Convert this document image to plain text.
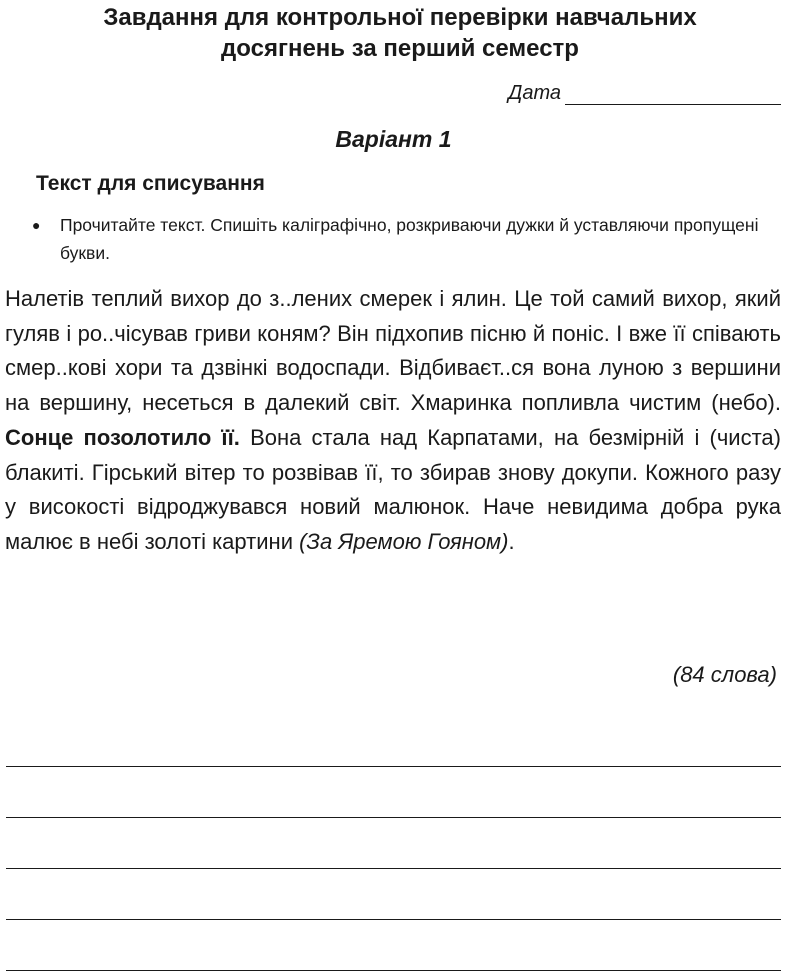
Завдання для контрольної перевірки навчальних
досягнень за перший семестр
Дата
Варіант 1
Текст для списування
●	Прочитайте текст. Спишіть каліграфічно, розкриваючи дужки й уставляючи пропущені букви.

Налетів теплий вихор до з..лених смерек і ялин. Це той самий вихор, який гуляв і ро..чісував гриви коням? Він підхопив пісню й поніс. І вже її співають смер..кові хори та дзвінкі водоспади. Відбиваєт..ся вона луною з вершини на вершину, несеться в далекий світ. Хмаринка попливла чистим (небо). Сонце позолотило її. Вона стала над Карпатами, на безмірній і (чиста) блакиті. Гірський вітер то розвівав її, то збирав знову докупи. Кожного разу у високості відроджувався новий малюнок. Наче невидима добра рука малює в небі золоті картини (За Яремою Гояном).

(84 слова)
